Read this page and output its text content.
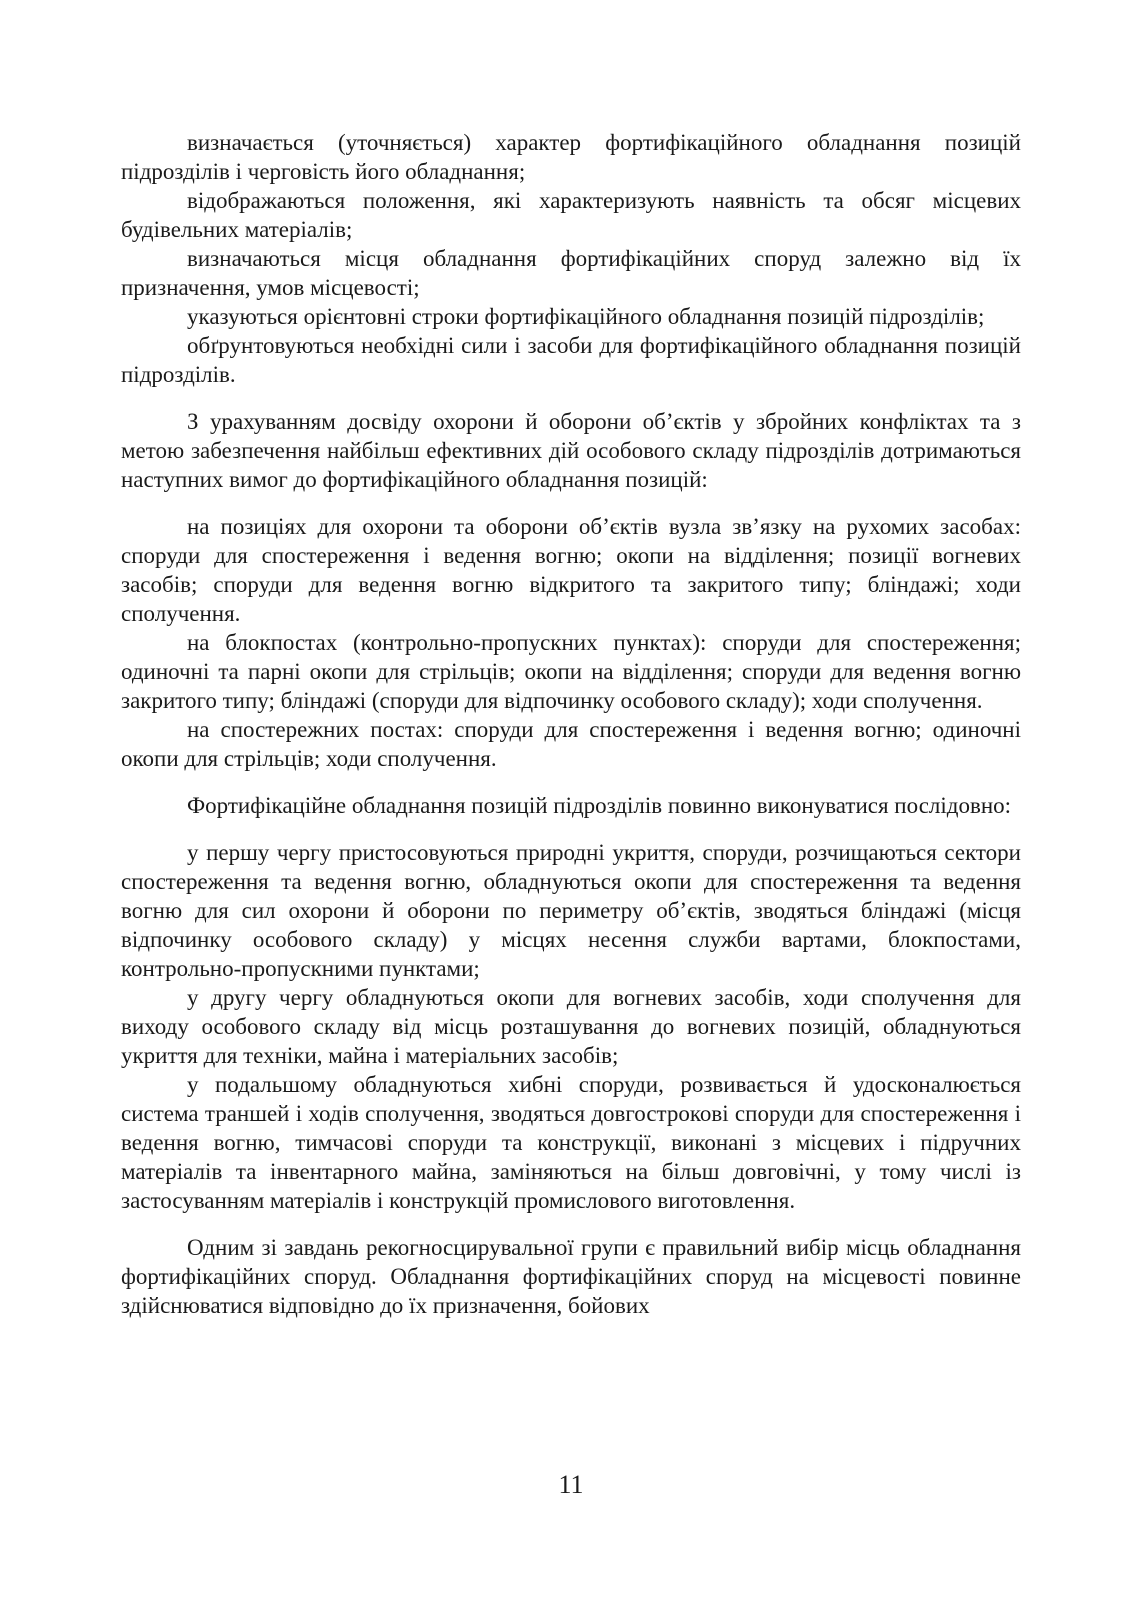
визначається (уточняється) характер фортифікаційного обладнання позицій підрозділів і черговість його обладнання;

відображаються положення, які характеризують наявність та обсяг місцевих будівельних матеріалів;

визначаються місця обладнання фортифікаційних споруд залежно від їх призначення, умов місцевості;

указуються орієнтовні строки фортифікаційного обладнання позицій підрозділів;

обґрунтовуються необхідні сили і засоби для фортифікаційного обладнання позицій підрозділів.

З урахуванням досвіду охорони й оборони об’єктів у збройних конфліктах та з метою забезпечення найбільш ефективних дій особового складу підрозділів дотримаються наступних вимог до фортифікаційного обладнання позицій:

на позиціях для охорони та оборони об’єктів вузла зв’язку на рухомих засобах: споруди для спостереження і ведення вогню; окопи на відділення; позиції вогневих засобів; споруди для ведення вогню відкритого та закритого типу; бліндажі; ходи сполучення.

на блокпостах (контрольно-пропускних пунктах): споруди для спостереження; одиночні та парні окопи для стрільців; окопи на відділення; споруди для ведення вогню закритого типу; бліндажі (споруди для відпочинку особового складу); ходи сполучення.

на спостережних постах: споруди для спостереження і ведення вогню; одиночні окопи для стрільців; ходи сполучення.

Фортифікаційне обладнання позицій підрозділів повинно виконуватися послідовно:

у першу чергу пристосовуються природні укриття, споруди, розчищаються сектори спостереження та ведення вогню, обладнуються окопи для спостереження та ведення вогню для сил охорони й оборони по периметру об’єктів, зводяться бліндажі (місця відпочинку особового складу) у місцях несення служби вартами, блокпостами, контрольно-пропускними пунктами;

у другу чергу обладнуються окопи для вогневих засобів, ходи сполучення для виходу особового складу від місць розташування до вогневих позицій, обладнуються укриття для техніки, майна і матеріальних засобів;

у подальшому обладнуються хибні споруди, розвивається й удосконалюється система траншей і ходів сполучення, зводяться довгострокові споруди для спостереження і ведення вогню, тимчасові споруди та конструкції, виконані з місцевих і підручних матеріалів та інвентарного майна, заміняються на більш довговічні, у тому числі із застосуванням матеріалів і конструкцій промислового виготовлення.

Одним зі завдань рекогносцирувальної групи є правильний вибір місць обладнання фортифікаційних споруд. Обладнання фортифікаційних споруд на місцевості повинне здійснюватися відповідно до їх призначення, бойових

11
